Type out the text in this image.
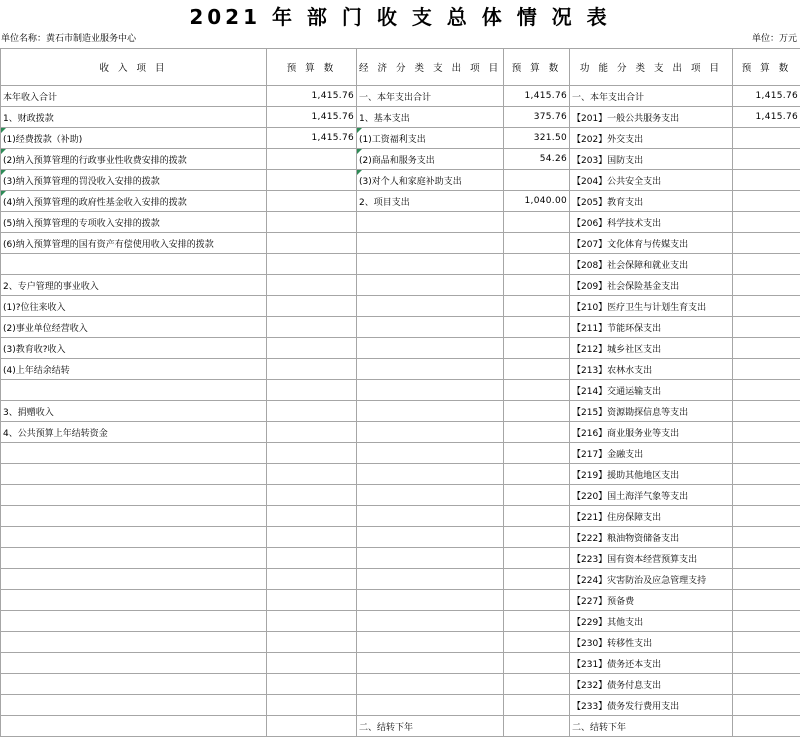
2021 年 部 门 收 支 总 体 情 况 表
单位名称：黄石市制造业服务中心	单位：万元
收 入 项 目	预 算 数	经 济 分 类 支 出 项 目	预 算 数	功 能 分 类 支 出 项 目	预 算 数
本年收入合计	1,415.76	一、本年支出合计	1,415.76	一、本年支出合计	1,415.76
1、财政拨款	1,415.76	1、基本支出	375.76	【201】一般公共服务支出	1,415.76
(1)经费拨款（补助)	1,415.76	(1)工资福利支出	321.50	【202】外交支出	
(2)纳入预算管理的行政事业性收费安排的拨款		(2)商品和服务支出	54.26	【203】国防支出	
(3)纳入预算管理的罚没收入安排的拨款		(3)对个人和家庭补助支出		【204】公共安全支出	
(4)纳入预算管理的政府性基金收入安排的拨款		2、项目支出	1,040.00	【205】教育支出	
(5)纳入预算管理的专项收入安排的拨款				【206】科学技术支出	
(6)纳入预算管理的国有资产有偿使用收入安排的拨款				【207】文化体育与传媒支出	
				【208】社会保障和就业支出	
2、专户管理的事业收入				【209】社会保险基金支出	
(1)?位往来收入				【210】医疗卫生与计划生育支出	
(2)事业单位经营收入				【211】节能环保支出	
(3)教育收?收入				【212】城乡社区支出	
(4)上年结余结转				【213】农林水支出	
				【214】交通运输支出	
3、捐赠收入				【215】资源勘探信息等支出	
4、公共预算上年结转资金				【216】商业服务业等支出	
				【217】金融支出	
				【219】援助其他地区支出	
				【220】国土海洋气象等支出	
				【221】住房保障支出	
				【222】粮油物资储备支出	
				【223】国有资本经营预算支出	
				【224】灾害防治及应急管理支持	
				【227】预备费	
				【229】其他支出	
				【230】转移性支出	
				【231】债务还本支出	
				【232】债务付息支出	
				【233】债务发行费用支出	
		二、结转下年		二、结转下年	
